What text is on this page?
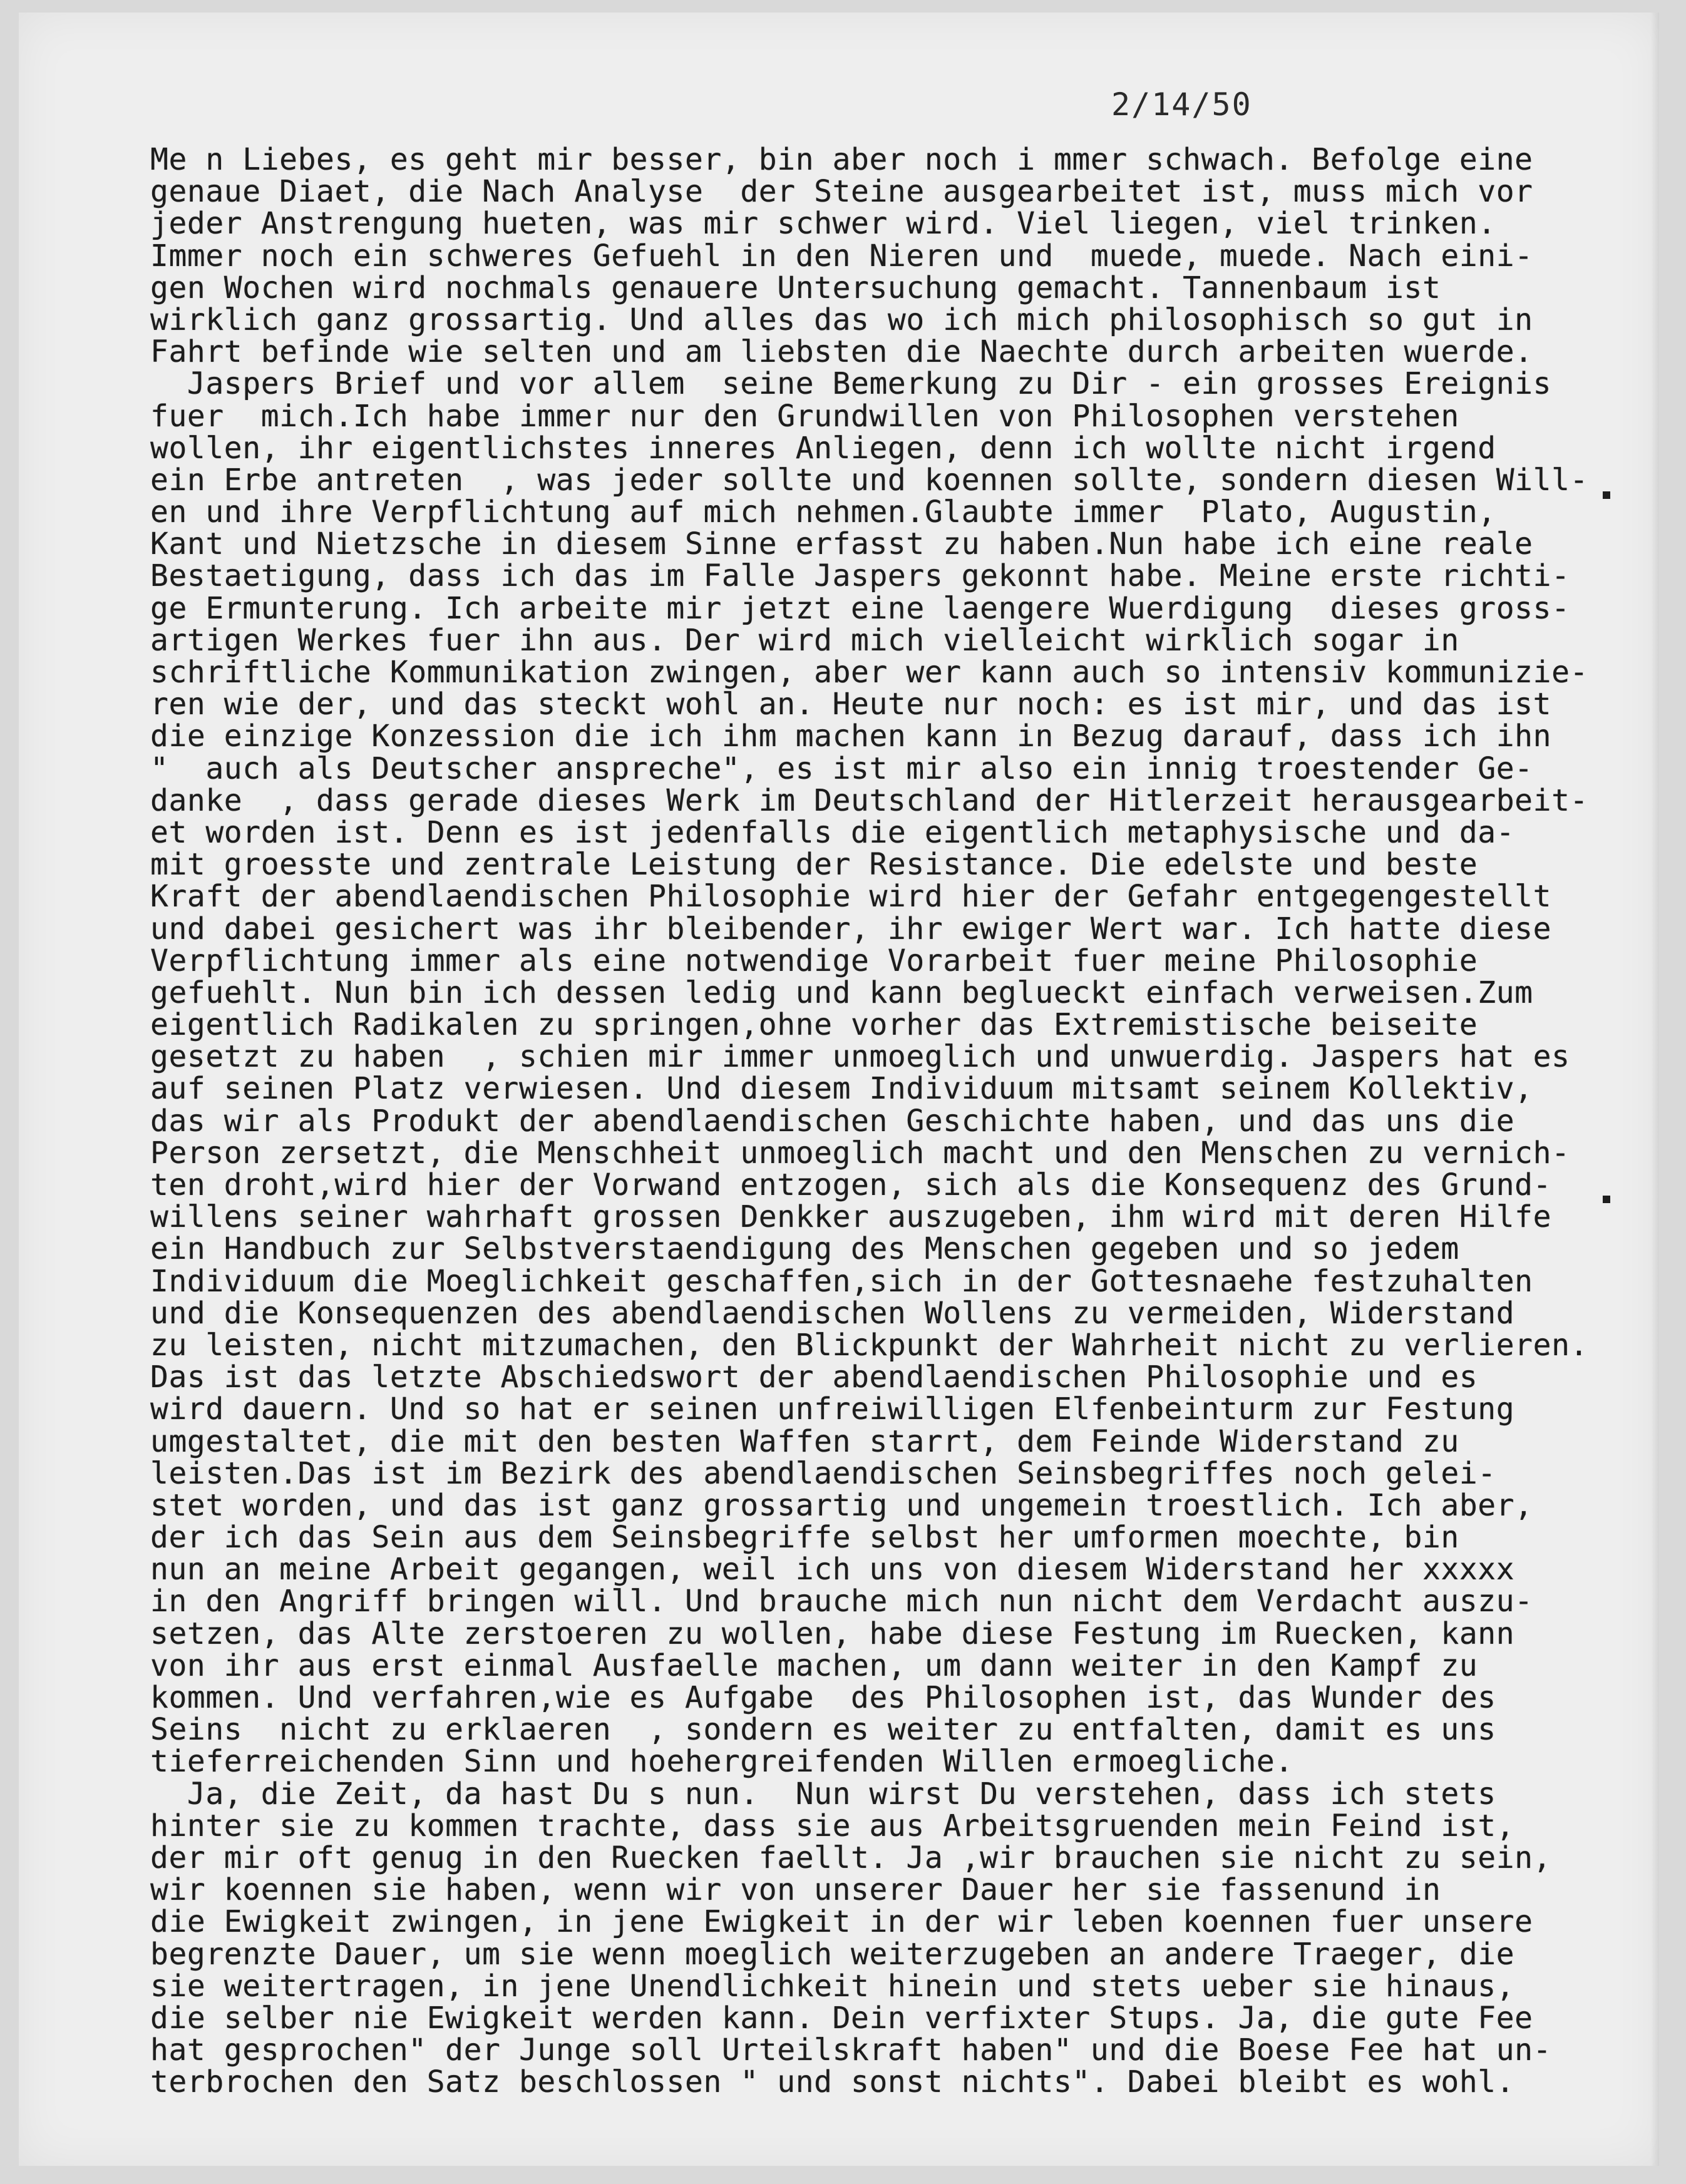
2/14/50
Me n Liebes, es geht mir besser, bin aber noch i mmer schwach. Befolge eine
genaue Diaet, die Nach Analyse  der Steine ausgearbeitet ist, muss mich vor
jeder Anstrengung hueten, was mir schwer wird. Viel liegen, viel trinken.
Immer noch ein schweres Gefuehl in den Nieren und  muede, muede. Nach eini-
gen Wochen wird nochmals genauere Untersuchung gemacht. Tannenbaum ist
wirklich ganz grossartig. Und alles das wo ich mich philosophisch so gut in
Fahrt befinde wie selten und am liebsten die Naechte durch arbeiten wuerde.
Jaspers Brief und vor allem  seine Bemerkung zu Dir - ein grosses Ereignis
fuer  mich.Ich habe immer nur den Grundwillen von Philosophen verstehen
wollen, ihr eigentlichstes inneres Anliegen, denn ich wollte nicht irgend
ein Erbe antreten  , was jeder sollte und koennen sollte, sondern diesen Will-
en und ihre Verpflichtung auf mich nehmen.Glaubte immer  Plato, Augustin,
Kant und Nietzsche in diesem Sinne erfasst zu haben.Nun habe ich eine reale
Bestaetigung, dass ich das im Falle Jaspers gekonnt habe. Meine erste richti-
ge Ermunterung. Ich arbeite mir jetzt eine laengere Wuerdigung  dieses gross-
artigen Werkes fuer ihn aus. Der wird mich vielleicht wirklich sogar in
schriftliche Kommunikation zwingen, aber wer kann auch so intensiv kommunizie-
ren wie der, und das steckt wohl an. Heute nur noch: es ist mir, und das ist
die einzige Konzession die ich ihm machen kann in Bezug darauf, dass ich ihn
"  auch als Deutscher anspreche", es ist mir also ein innig troestender Ge-
danke  , dass gerade dieses Werk im Deutschland der Hitlerzeit herausgearbeit-
et worden ist. Denn es ist jedenfalls die eigentlich metaphysische und da-
mit groesste und zentrale Leistung der Resistance. Die edelste und beste
Kraft der abendlaendischen Philosophie wird hier der Gefahr entgegengestellt
und dabei gesichert was ihr bleibender, ihr ewiger Wert war. Ich hatte diese
Verpflichtung immer als eine notwendige Vorarbeit fuer meine Philosophie
gefuehlt. Nun bin ich dessen ledig und kann beglueckt einfach verweisen.Zum
eigentlich Radikalen zu springen,ohne vorher das Extremistische beiseite
gesetzt zu haben  , schien mir immer unmoeglich und unwuerdig. Jaspers hat es
auf seinen Platz verwiesen. Und diesem Individuum mitsamt seinem Kollektiv,
das wir als Produkt der abendlaendischen Geschichte haben, und das uns die
Person zersetzt, die Menschheit unmoeglich macht und den Menschen zu vernich-
ten droht,wird hier der Vorwand entzogen, sich als die Konsequenz des Grund-
willens seiner wahrhaft grossen Denkker auszugeben, ihm wird mit deren Hilfe
ein Handbuch zur Selbstverstaendigung des Menschen gegeben und so jedem
Individuum die Moeglichkeit geschaffen,sich in der Gottesnaehe festzuhalten
und die Konsequenzen des abendlaendischen Wollens zu vermeiden, Widerstand
zu leisten, nicht mitzumachen, den Blickpunkt der Wahrheit nicht zu verlieren.
Das ist das letzte Abschiedswort der abendlaendischen Philosophie und es
wird dauern. Und so hat er seinen unfreiwilligen Elfenbeinturm zur Festung
umgestaltet, die mit den besten Waffen starrt, dem Feinde Widerstand zu
leisten.Das ist im Bezirk des abendlaendischen Seinsbegriffes noch gelei-
stet worden, und das ist ganz grossartig und ungemein troestlich. Ich aber,
der ich das Sein aus dem Seinsbegriffe selbst her umformen moechte, bin
nun an meine Arbeit gegangen, weil ich uns von diesem Widerstand her xxxxx
in den Angriff bringen will. Und brauche mich nun nicht dem Verdacht auszu-
setzen, das Alte zerstoeren zu wollen, habe diese Festung im Ruecken, kann
von ihr aus erst einmal Ausfaelle machen, um dann weiter in den Kampf zu
kommen. Und verfahren,wie es Aufgabe  des Philosophen ist, das Wunder des
Seins  nicht zu erklaeren  , sondern es weiter zu entfalten, damit es uns
tieferreichenden Sinn und hoehergreifenden Willen ermoegliche.
Ja, die Zeit, da hast Du s nun.  Nun wirst Du verstehen, dass ich stets
hinter sie zu kommen trachte, dass sie aus Arbeitsgruenden mein Feind ist,
der mir oft genug in den Ruecken faellt. Ja ,wir brauchen sie nicht zu sein,
wir koennen sie haben, wenn wir von unserer Dauer her sie fassenund in
die Ewigkeit zwingen, in jene Ewigkeit in der wir leben koennen fuer unsere
begrenzte Dauer, um sie wenn moeglich weiterzugeben an andere Traeger, die
sie weitertragen, in jene Unendlichkeit hinein und stets ueber sie hinaus,
die selber nie Ewigkeit werden kann. Dein verfixter Stups. Ja, die gute Fee
hat gesprochen" der Junge soll Urteilskraft haben" und die Boese Fee hat un-
terbrochen den Satz beschlossen " und sonst nichts". Dabei bleibt es wohl.
